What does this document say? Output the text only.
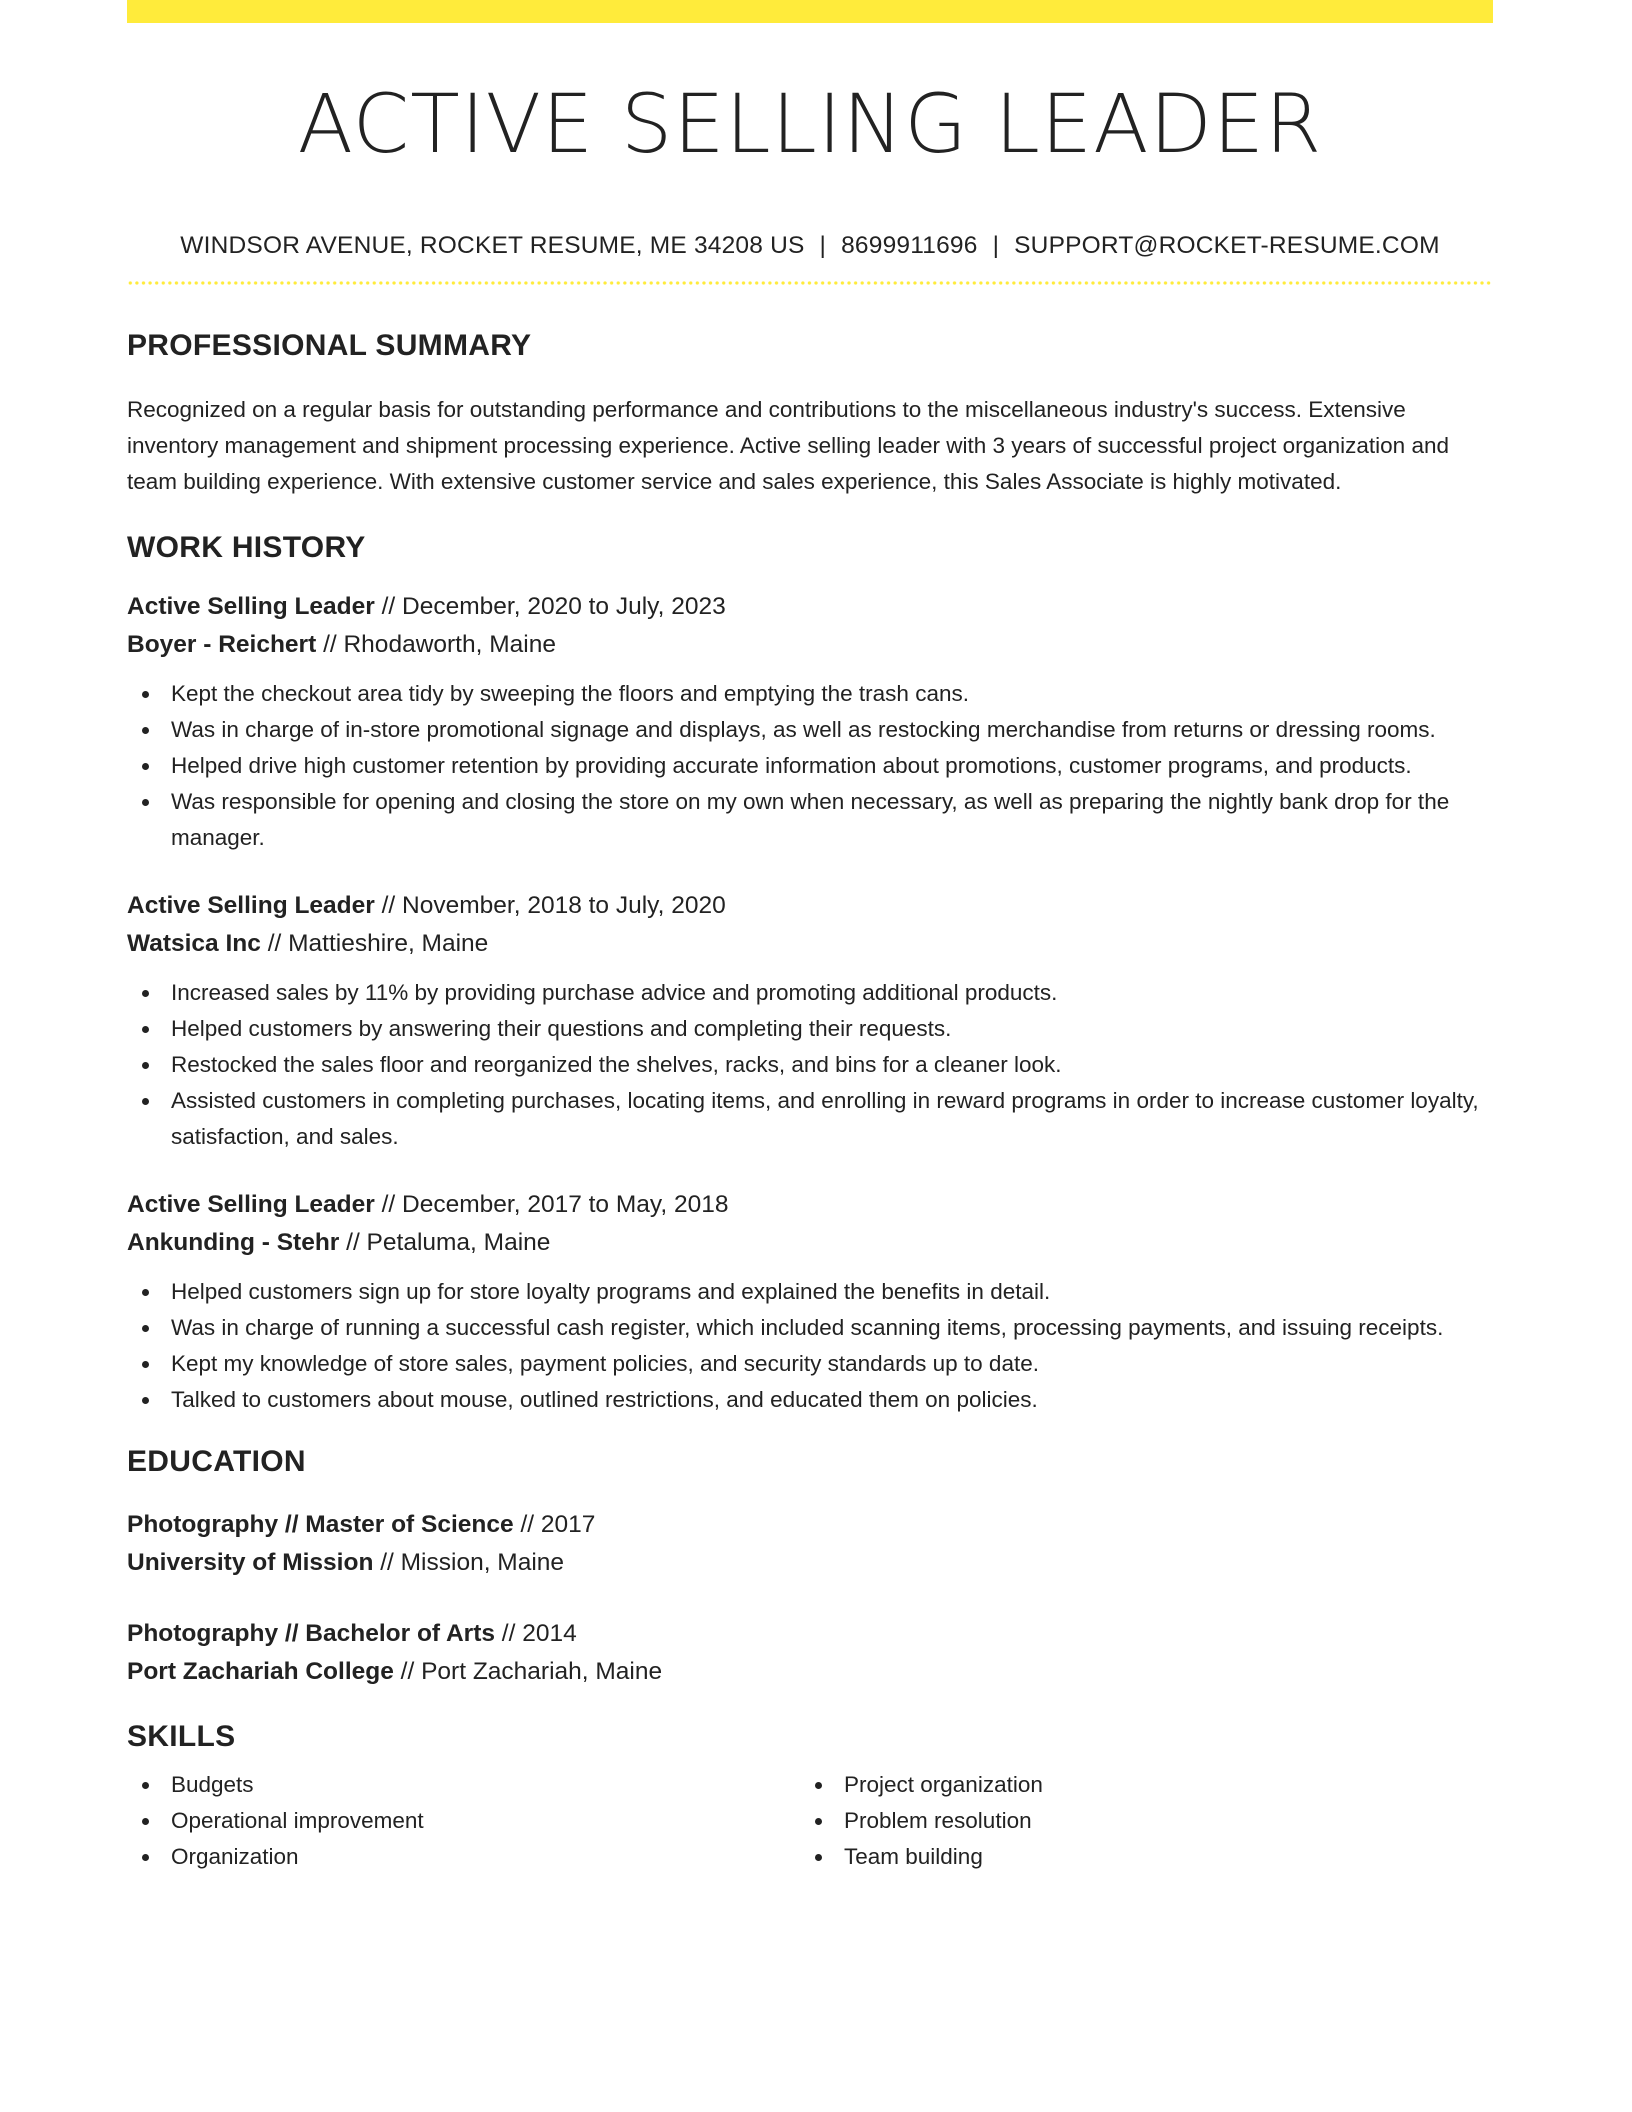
ACTIVE SELLING LEADER
WINDSOR AVENUE, ROCKET RESUME, ME 34208 US | 8699911696 | SUPPORT@ROCKET-RESUME.COM
PROFESSIONAL SUMMARY

Recognized on a regular basis for outstanding performance and contributions to the miscellaneous industry's success. Extensive inventory management and shipment processing experience. Active selling leader with 3 years of successful project organization and team building experience. With extensive customer service and sales experience, this Sales Associate is highly motivated.

WORK HISTORY
Active Selling Leader // December, 2020 to July, 2023
Boyer - Reichert // Rhodaworth, Maine
Kept the checkout area tidy by sweeping the floors and emptying the trash cans.
Was in charge of in-store promotional signage and displays, as well as restocking merchandise from returns or dressing rooms.
Helped drive high customer retention by providing accurate information about promotions, customer programs, and products.
Was responsible for opening and closing the store on my own when necessary, as well as preparing the nightly bank drop for the manager.
Active Selling Leader // November, 2018 to July, 2020
Watsica Inc // Mattieshire, Maine
Increased sales by 11% by providing purchase advice and promoting additional products.
Helped customers by answering their questions and completing their requests.
Restocked the sales floor and reorganized the shelves, racks, and bins for a cleaner look.
Assisted customers in completing purchases, locating items, and enrolling in reward programs in order to increase customer loyalty, satisfaction, and sales.
Active Selling Leader // December, 2017 to May, 2018
Ankunding - Stehr // Petaluma, Maine
Helped customers sign up for store loyalty programs and explained the benefits in detail.
Was in charge of running a successful cash register, which included scanning items, processing payments, and issuing receipts.
Kept my knowledge of store sales, payment policies, and security standards up to date.
Talked to customers about mouse, outlined restrictions, and educated them on policies.
EDUCATION
Photography // Master of Science // 2017
University of Mission // Mission, Maine
Photography // Bachelor of Arts // 2014
Port Zachariah College // Port Zachariah, Maine
SKILLS
Budgets
Operational improvement
Organization
Project organization
Problem resolution
Team building
